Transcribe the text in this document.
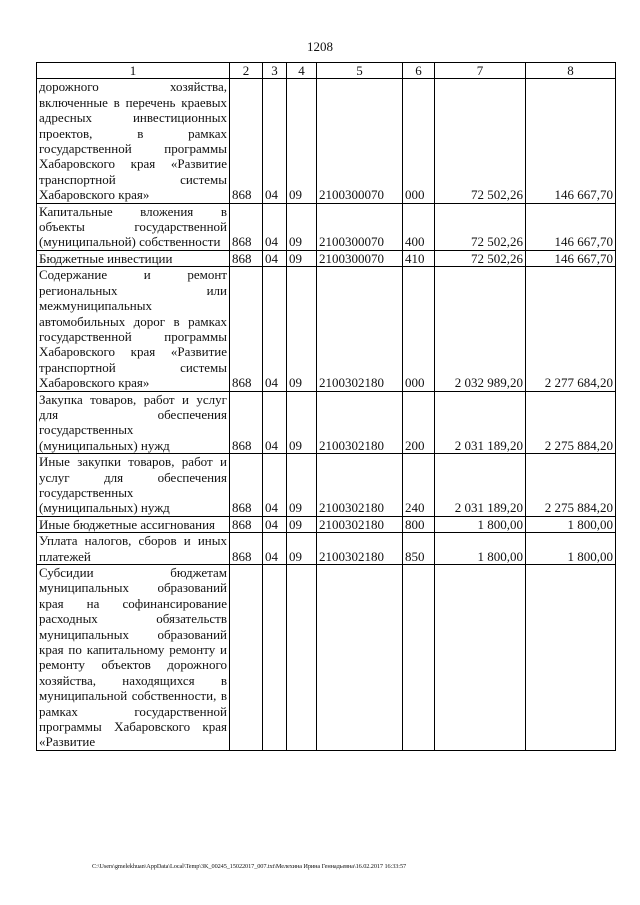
1208
1	2	3	4	5	6	7	8
дорожного хозяйства, включенные в перечень краевых адресных инвестиционных проектов, в рамках государственной программы Хабаровского края «Развитие транспортной системы Хабаровского края»	868	04	09	2100300070	000	72 502,26	146 667,70
Капитальные вложения в объекты государственной (муниципальной) собственности	868	04	09	2100300070	400	72 502,26	146 667,70
Бюджетные инвестиции	868	04	09	2100300070	410	72 502,26	146 667,70
Содержание и ремонт региональных или межмуниципальных автомобильных дорог в рамках государственной программы Хабаровского края «Развитие транспортной системы Хабаровского края»	868	04	09	2100302180	000	2 032 989,20	2 277 684,20
Закупка товаров, работ и услуг для обеспечения государственных (муниципальных) нужд	868	04	09	2100302180	200	2 031 189,20	2 275 884,20
Иные закупки товаров, работ и услуг для обеспечения государственных (муниципальных) нужд	868	04	09	2100302180	240	2 031 189,20	2 275 884,20
Иные бюджетные ассигнования	868	04	09	2100302180	800	1 800,00	1 800,00
Уплата налогов, сборов и иных платежей	868	04	09	2100302180	850	1 800,00	1 800,00
Субсидии бюджетам муниципальных образований края на софинансирование расходных обязательств муниципальных образований края по капитальному ремонту и ремонту объектов дорожного хозяйства, находящихся в муниципальной собственности, в рамках государственной программы Хабаровского края «Развитие							
C:\Users\gmelekhuan\AppData\Local\Temp\3K_00245_15022017_007.txt\Мелехина Ирина Геннадьевна\16.02.2017 16:33:57
